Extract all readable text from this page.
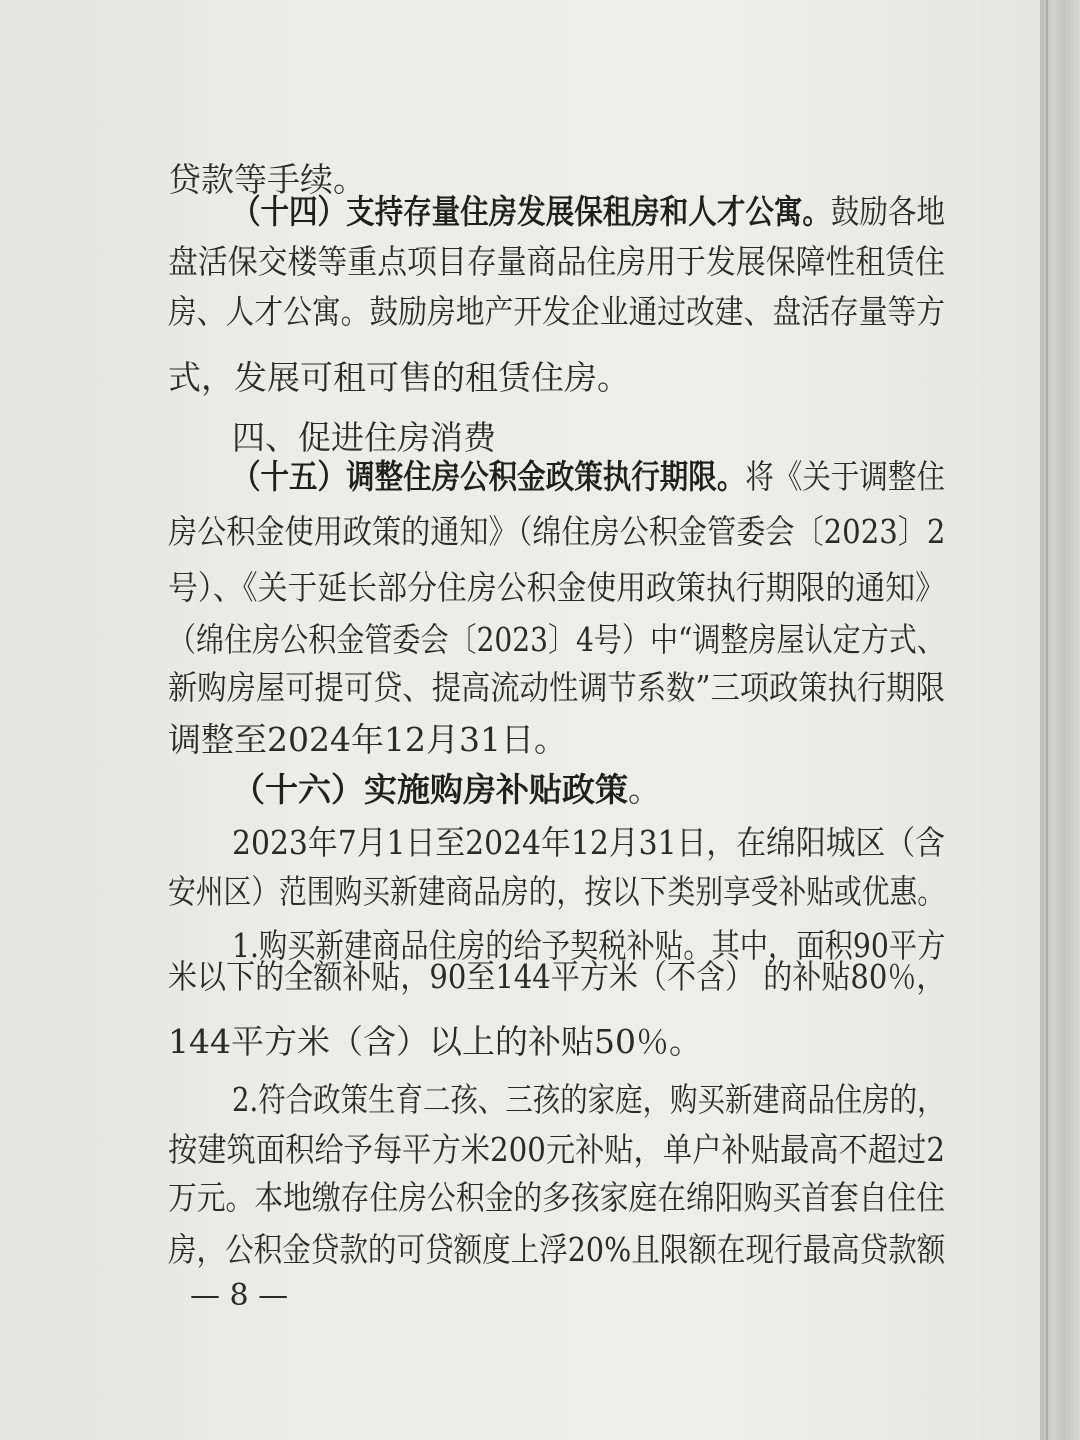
贷款等手续。
（十四）支持存量住房发展保租房和人才公寓。鼓励各地
盘活保交楼等重点项目存量商品住房用于发展保障性租赁住
房、人才公寓。鼓励房地产开发企业通过改建、盘活存量等方
式，发展可租可售的租赁住房。
四、促进住房消费
（十五）调整住房公积金政策执行期限。将《关于调整住
房公积金使用政策的通知》（绵住房公积金管委会〔2023〕2
号）、《关于延长部分住房公积金使用政策执行期限的通知》
（绵住房公积金管委会〔2023〕4号）中“调整房屋认定方式、
新购房屋可提可贷、提高流动性调节系数”三项政策执行期限
调整至2024年12月31日。
（十六）实施购房补贴政策。
2023年7月1日至2024年12月31日，在绵阳城区（含
安州区）范围购买新建商品房的，按以下类别享受补贴或优惠。
1.购买新建商品住房的给予契税补贴。其中，面积90平方
米以下的全额补贴，90至144平方米（不含） 的补贴80％，
144平方米（含）以上的补贴50％。
2.符合政策生育二孩、三孩的家庭，购买新建商品住房的，
按建筑面积给予每平方米200元补贴，单户补贴最高不超过2
万元。本地缴存住房公积金的多孩家庭在绵阳购买首套自住住
房，公积金贷款的可贷额度上浮20%且限额在现行最高贷款额
— 8 —
